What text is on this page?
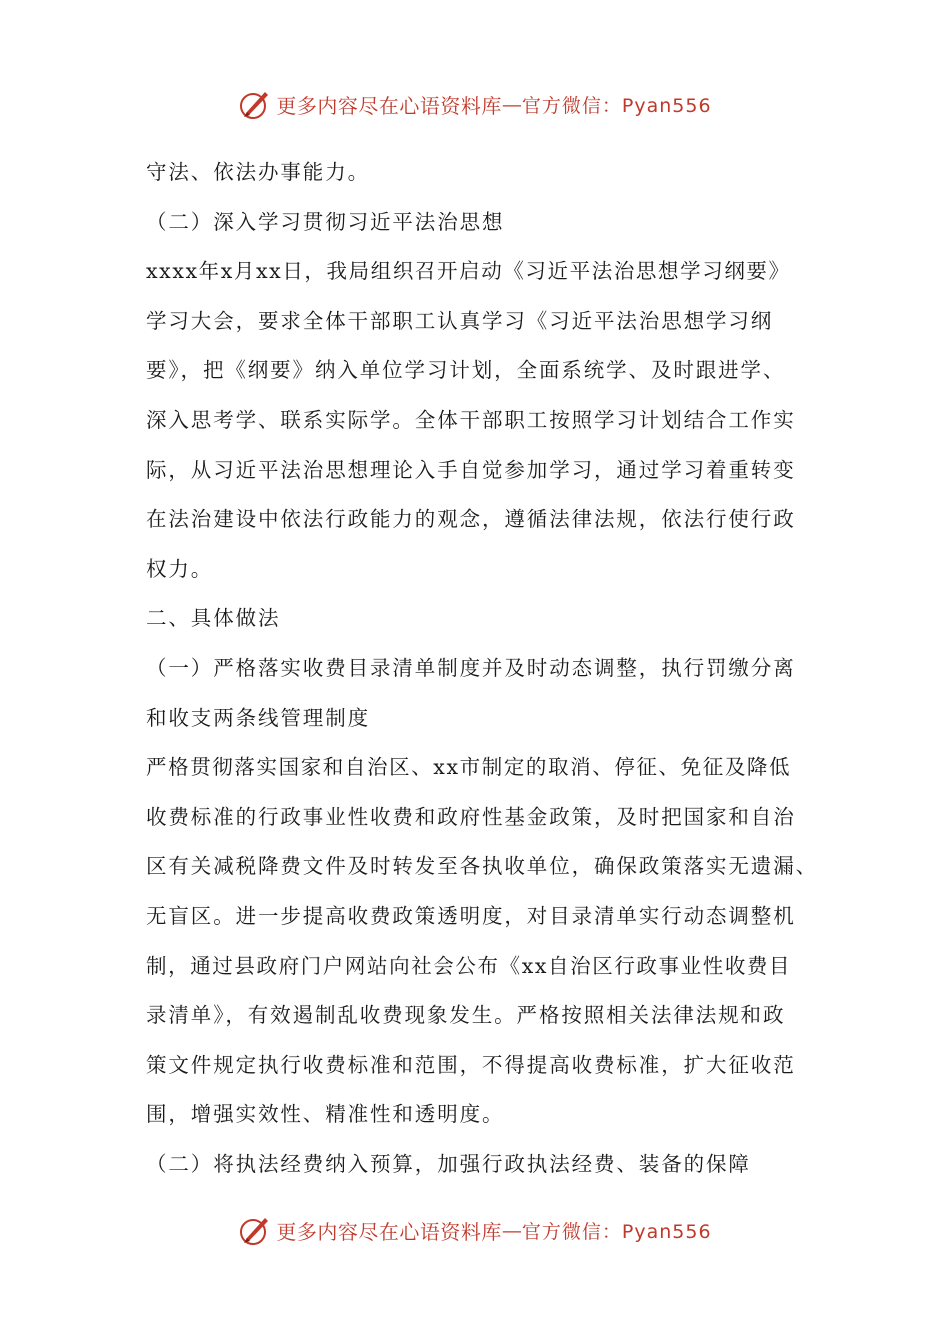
更多内容尽在心语资料库 — 官方微信：Pyan556
守法、依法办事能力。
（二）深入学习贯彻习近平法治思想
xxxx年x月xx日，我局组织召开启动《习近平法治思想学习纲要》
学习大会，要求全体干部职工认真学习《习近平法治思想学习纲
要》，把《纲要》纳入单位学习计划，全面系统学、及时跟进学、
深入思考学、联系实际学。全体干部职工按照学习计划结合工作实
际，从习近平法治思想理论入手自觉参加学习，通过学习着重转变
在法治建设中依法行政能力的观念，遵循法律法规，依法行使行政
权力。
二、具体做法
（一）严格落实收费目录清单制度并及时动态调整，执行罚缴分离
和收支两条线管理制度
严格贯彻落实国家和自治区、xx市制定的取消、停征、免征及降低
收费标准的行政事业性收费和政府性基金政策，及时把国家和自治
区有关减税降费文件及时转发至各执收单位，确保政策落实无遗漏、
无盲区。进一步提高收费政策透明度，对目录清单实行动态调整机
制，通过县政府门户网站向社会公布《xx自治区行政事业性收费目
录清单》，有效遏制乱收费现象发生。严格按照相关法律法规和政
策文件规定执行收费标准和范围，不得提高收费标准，扩大征收范
围，增强实效性、精准性和透明度。
（二）将执法经费纳入预算，加强行政执法经费、装备的保障
更多内容尽在心语资料库 — 官方微信：Pyan556
